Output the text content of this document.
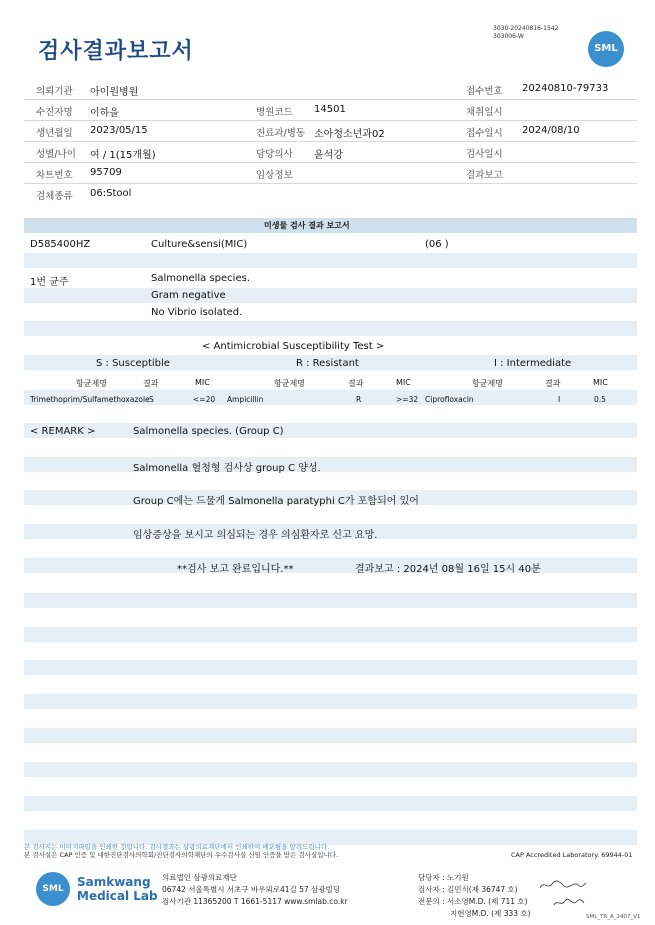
검사결과보고서
3030-20240816-1542
303006-W
SML
의뢰기관 아이원병원	접수번호 20240810-79733
수진자명 이하을	병원코드 14501	채취일시
생년월일 2023/05/15	진료과/병동 소아청소년과02	접수일시 2024/08/10
성별/나이 여 / 1(15개월)	담당의사 윤석강	검사일시
차트번호 95709	임상정보	결과보고
검체종류 06:Stool
미생물 검사 결과 보고서
D585400HZ	Culture&sensi(MIC)	(06 )
1번 균주	Salmonella species.
Gram negative
No Vibrio isolated.
< Antimicrobial Susceptibility Test >
S : Susceptible	R : Resistant	I : Intermediate
항균제명	결과	MIC	항균제명	결과	MIC	항균제명	결과	MIC
Trimethoprim/Sulfamethoxazole S	<=20 Ampicillin	R	>=32 Ciprofloxacin	I	0.5
< REMARK >	Salmonella species. (Group C)
Salmonella 혈청형 검사상 group C 양성.
Group C에는 드물게 Salmonella paratyphi C가 포함되어 있어
임상증상을 보시고 의심되는 경우 의심환자로 신고 요망.
**검사 보고 완료입니다.**	결과보고 : 2024년 08월 16일 15시 40분
본 검사지는 이미지파일을 인쇄한 것입니다. 검사결과는 삼광의료재단에서 인쇄하여 배포될을 알려드립니다.
본 검사실은 CAP 인증 및 대한진단검사의학회/진단검사의학재단의 우수검사실 신임 인증을 받은 검사실입니다.	CAP Accredited Laboratory. 69944-01
SML	Samkwang
Medical Lab
의료법인 삼광의료재단
06742 서울특별시 서초구 바우뫼로41길 57 삼광빌딩
검사기관 11365200 T 1661-5117 www.smlab.co.kr
담당자 : 노기원
검사자 : 김민식(제 36747 호)
전문의 : 서소영M.D. (제 711 호)
지현영M.D. (제 333 호)	SML_TR_A_2407_V1
